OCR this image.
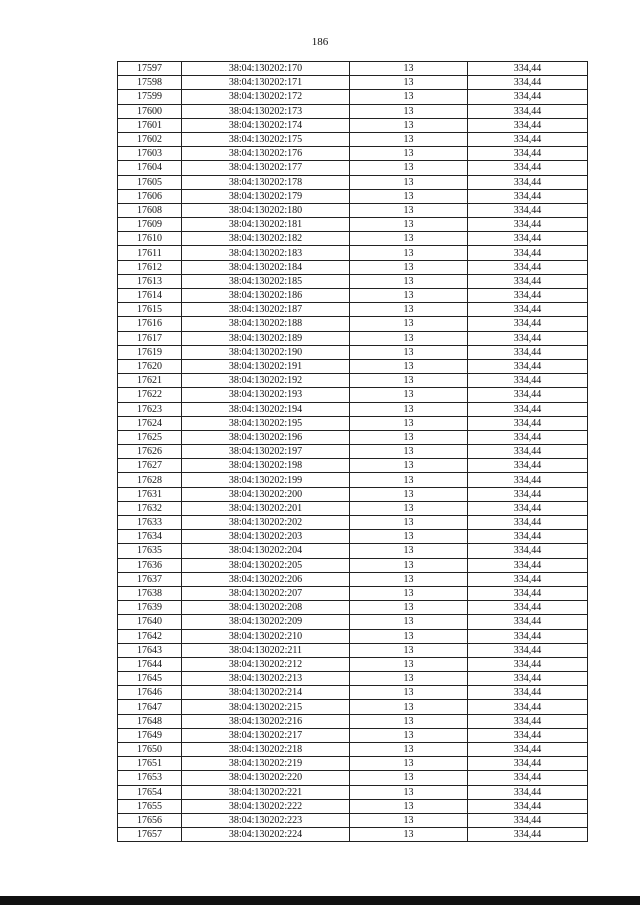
186
17597	38:04:130202:170	13	334,44
17598	38:04:130202:171	13	334,44
17599	38:04:130202:172	13	334,44
17600	38:04:130202:173	13	334,44
17601	38:04:130202:174	13	334,44
17602	38:04:130202:175	13	334,44
17603	38:04:130202:176	13	334,44
17604	38:04:130202:177	13	334,44
17605	38:04:130202:178	13	334,44
17606	38:04:130202:179	13	334,44
17608	38:04:130202:180	13	334,44
17609	38:04:130202:181	13	334,44
17610	38:04:130202:182	13	334,44
17611	38:04:130202:183	13	334,44
17612	38:04:130202:184	13	334,44
17613	38:04:130202:185	13	334,44
17614	38:04:130202:186	13	334,44
17615	38:04:130202:187	13	334,44
17616	38:04:130202:188	13	334,44
17617	38:04:130202:189	13	334,44
17619	38:04:130202:190	13	334,44
17620	38:04:130202:191	13	334,44
17621	38:04:130202:192	13	334,44
17622	38:04:130202:193	13	334,44
17623	38:04:130202:194	13	334,44
17624	38:04:130202:195	13	334,44
17625	38:04:130202:196	13	334,44
17626	38:04:130202:197	13	334,44
17627	38:04:130202:198	13	334,44
17628	38:04:130202:199	13	334,44
17631	38:04:130202:200	13	334,44
17632	38:04:130202:201	13	334,44
17633	38:04:130202:202	13	334,44
17634	38:04:130202:203	13	334,44
17635	38:04:130202:204	13	334,44
17636	38:04:130202:205	13	334,44
17637	38:04:130202:206	13	334,44
17638	38:04:130202:207	13	334,44
17639	38:04:130202:208	13	334,44
17640	38:04:130202:209	13	334,44
17642	38:04:130202:210	13	334,44
17643	38:04:130202:211	13	334,44
17644	38:04:130202:212	13	334,44
17645	38:04:130202:213	13	334,44
17646	38:04:130202:214	13	334,44
17647	38:04:130202:215	13	334,44
17648	38:04:130202:216	13	334,44
17649	38:04:130202:217	13	334,44
17650	38:04:130202:218	13	334,44
17651	38:04:130202:219	13	334,44
17653	38:04:130202:220	13	334,44
17654	38:04:130202:221	13	334,44
17655	38:04:130202:222	13	334,44
17656	38:04:130202:223	13	334,44
17657	38:04:130202:224	13	334,44
